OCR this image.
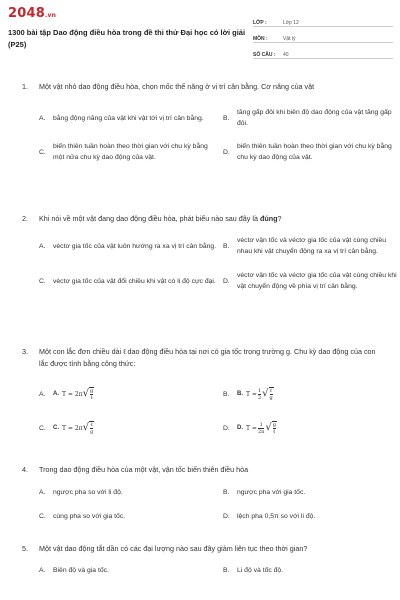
2048.vn
1300 bài tập Dao động điều hòa trong đề thi thử Đại học có lời giải (P25)
LỚP :	Lớp 12
MÔN :	Vật lý
SỐ CÂU :	40
1.	Một vật nhỏ dao động điều hòa, chọn mốc thế năng ở vị trí cân bằng. Cơ năng của vật
A.	bằng động năng của vật khi vật tới vị trí cân bằng.	B.
tăng gấp đôi khi biên độ dao động của vật tăng gấp đôi.
C.
biến thiên tuần hoàn theo thời gian với chu kỳ bằng một nửa chu kỳ dao động của vật.
D.
biến thiên tuần hoàn theo thời gian với chu kỳ bằng chu kỳ dao động của vật.
2.	Khi nói về một vật đang dao động điều hòa, phát biểu nào sau đây là đúng?
A.	véctơ gia tốc của vật luôn hướng ra xa vị trí cân bằng. B.
véctơ vận tốc và véctơ gia tốc của vật cùng chiều nhau khi vật chuyển động ra xa vị trí cân bằng.
C.	véctơ gia tốc của vật đổi chiều khi vật có li độ cực đại. D.
véctơ vận tốc và véctơ gia tốc của vật cùng chiều khi vật chuyển động về phía vị trí cân bằng.
3.	Một con lắc đơn chiều dài ℓ dao động điều hòa tại nơi có gia tốc trọng trường g. Chu kỳ dao động của con lắc được tính bằng công thức:
A.	A. T = 2π √ $\frac{g}{\text{ℓ}}$	B.	B. $T = \frac{1}{2}$ √ $\frac{\text{ℓ}}{g}$
C.	C. T = 2π √ $\frac{\text{ℓ}}{g}$	D.	D. $T = \frac{1}{2\pi}$ √ $\frac{g}{\text{ℓ}}$
4.	Trong dao động điều hòa của một vật, vận tốc biến thiên điều hòa
A.	ngược pha so với li độ.	B.	ngược pha với gia tốc.
C.	cùng pha so với gia tốc.	D.	lệch pha 0,5π so với li độ.
5.	Một vật dao động tắt dần có các đại lượng nào sau đây giảm liên tục theo thời gian?
A.	Biên độ và gia tốc.	B.	Li độ và tốc độ.
